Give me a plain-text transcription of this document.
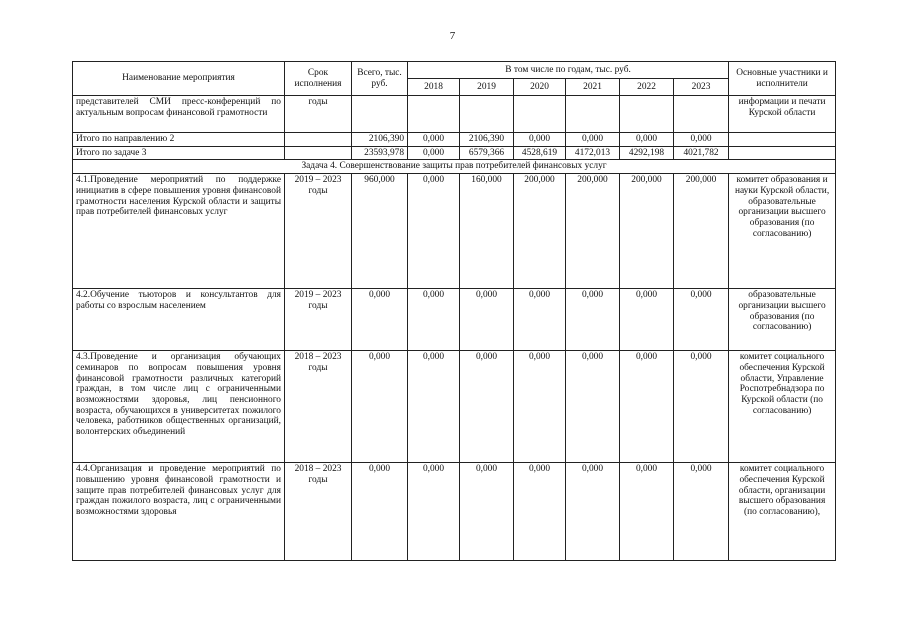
7
Наименование мероприятия	Срок исполнения	Всего, тыс. руб.	В том числе по годам, тыс. руб.						Основные участники и исполнители
			2018	2019	2020	2021	2022	2023	
представителей СМИ пресс-конференций по актуальным вопросам финансовой грамотности	годы								информации и печати Курской области
Итого по направлению 2		2106,390	0,000	2106,390	0,000	0,000	0,000	0,000	
Итого по задаче 3		23593,978	0,000	6579,366	4528,619	4172,013	4292,198	4021,782	
Задача 4. Совершенствование защиты прав потребителей финансовых услуг									
4.1.Проведение мероприятий по поддержке инициатив в сфере повышения уровня финансовой грамотности населения Курской области и защиты прав потребителей финансовых услуг	2019 – 2023 годы	960,000	0,000	160,000	200,000	200,000	200,000	200,000	комитет образования и науки Курской области, образовательные организации высшего образования (по согласованию)
4.2.Обучение тьюторов и консультантов для работы со взрослым населением	2019 – 2023 годы	0,000	0,000	0,000	0,000	0,000	0,000	0,000	образовательные организации высшего образования (по согласованию)
4.3.Проведение и организация обучающих семинаров по вопросам повышения уровня финансовой грамотности различных категорий граждан, в том числе лиц с ограниченными возможностями здоровья, лиц пенсионного возраста, обучающихся в университетах пожилого человека, работников общественных организаций, волонтерских объединений	2018 – 2023 годы	0,000	0,000	0,000	0,000	0,000	0,000	0,000	комитет социального обеспечения Курской области, Управление Роспотребнадзора по Курской области (по согласованию)
4.4.Организация и проведение мероприятий по повышению уровня финансовой грамотности и защите прав потребителей финансовых услуг для граждан пожилого возраста, лиц с ограниченными возможностями здоровья	2018 – 2023 годы	0,000	0,000	0,000	0,000	0,000	0,000	0,000	комитет социального обеспечения Курской области, организации высшего образования (по согласованию),
